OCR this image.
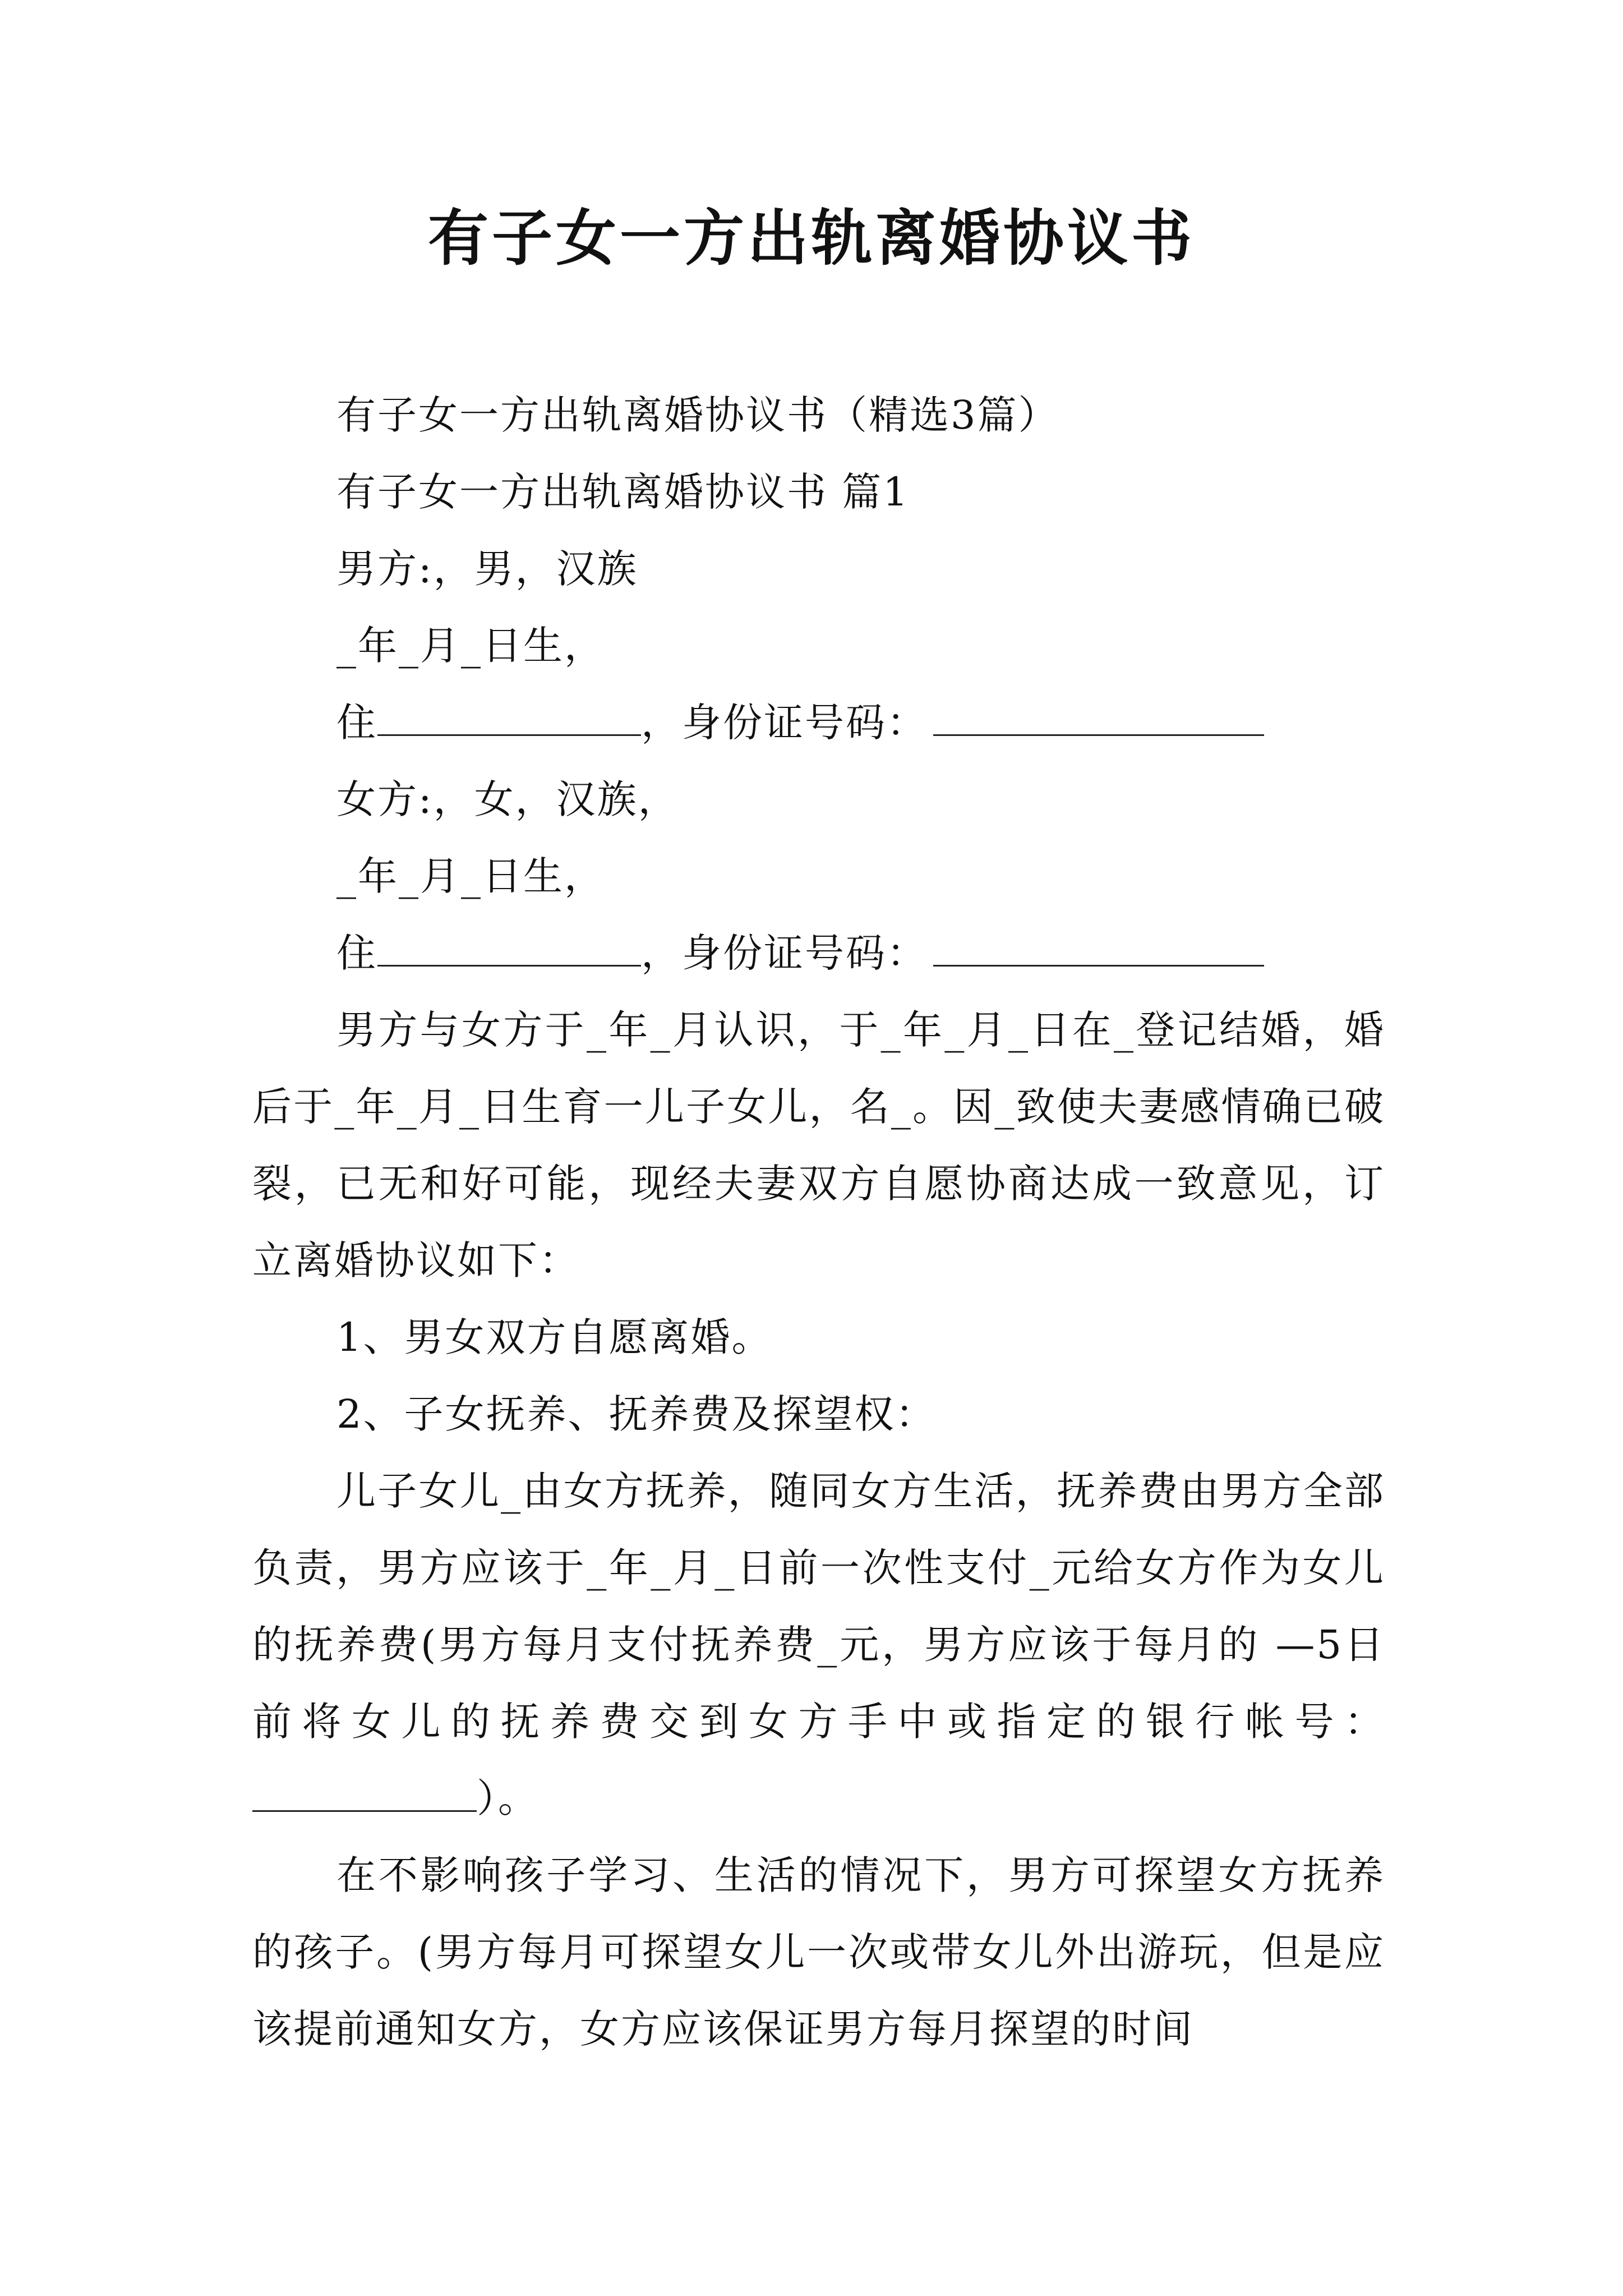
有子女一方出轨离婚协议书

有子女一方出轨离婚协议书（精选3篇）

有子女一方出轨离婚协议书 篇1

男方:，男，汉族

_年_月_日生，

住	，身份证号码：

女方:，女，汉族，

_年_月_日生，

住	，身份证号码：

男方与女方于_年_月认识，于_年_月_日在_登记结婚，婚后于_年_月_日生育一儿子女儿，名_。因_致使夫妻感情确已破裂，已无和好可能，现经夫妻双方自愿协商达成一致意见，订立离婚协议如下：

1、男女双方自愿离婚。

2、子女抚养、抚养费及探望权：

儿子女儿_由女方抚养，随同女方生活，抚养费由男方全部负责，男方应该于_年_月_日前一次性支付_元给女方作为女儿的抚养费(男方每月支付抚养费_元，男方应该于每月的 —5日前将女儿的抚养费交到女方手中或指定的银行帐号：）。

在不影响孩子学习、生活的情况下，男方可探望女方抚养的孩子。(男方每月可探望女儿一次或带女儿外出游玩，但是应该提前通知女方，女方应该保证男方每月探望的时间
